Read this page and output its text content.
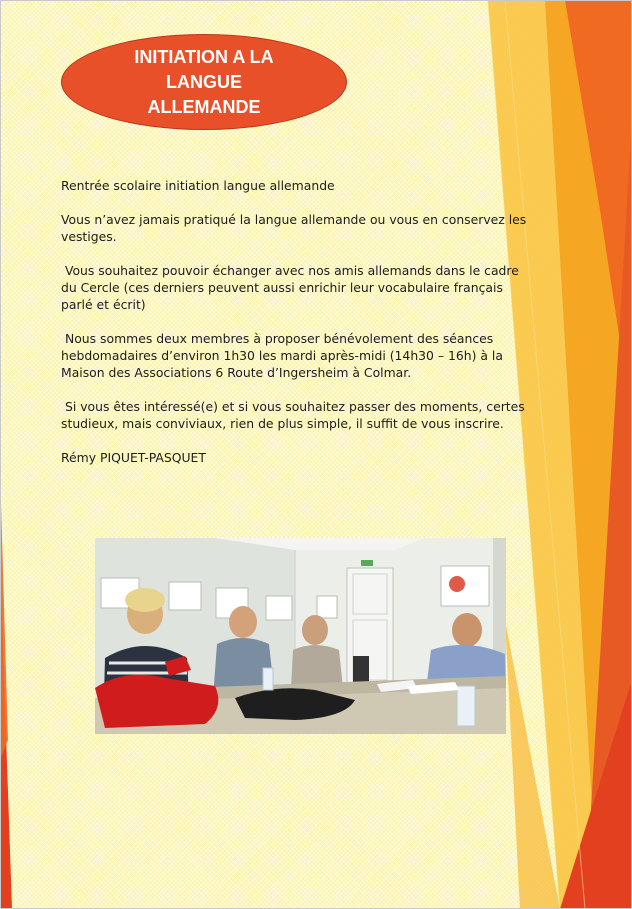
INITIATION A LA LANGUE ALLEMANDE

Rentrée scolaire initiation langue allemande

Vous n’avez jamais pratiqué la langue allemande ou vous en conservez les vestiges.

Vous souhaitez pouvoir échanger avec nos amis allemands dans le cadre du Cercle (ces derniers peuvent aussi enrichir leur vocabulaire français parlé et écrit)

Nous sommes deux membres à proposer bénévolement des séances hebdomadaires d’environ 1h30 les mardi après-midi (14h30 – 16h) à la Maison des Associations 6 Route d’Ingersheim à Colmar.

Si vous êtes intéressé(e) et si vous souhaitez passer des moments, certes studieux, mais conviviaux, rien de plus simple, il suffit de vous inscrire.

Rémy PIQUET-PASQUET
